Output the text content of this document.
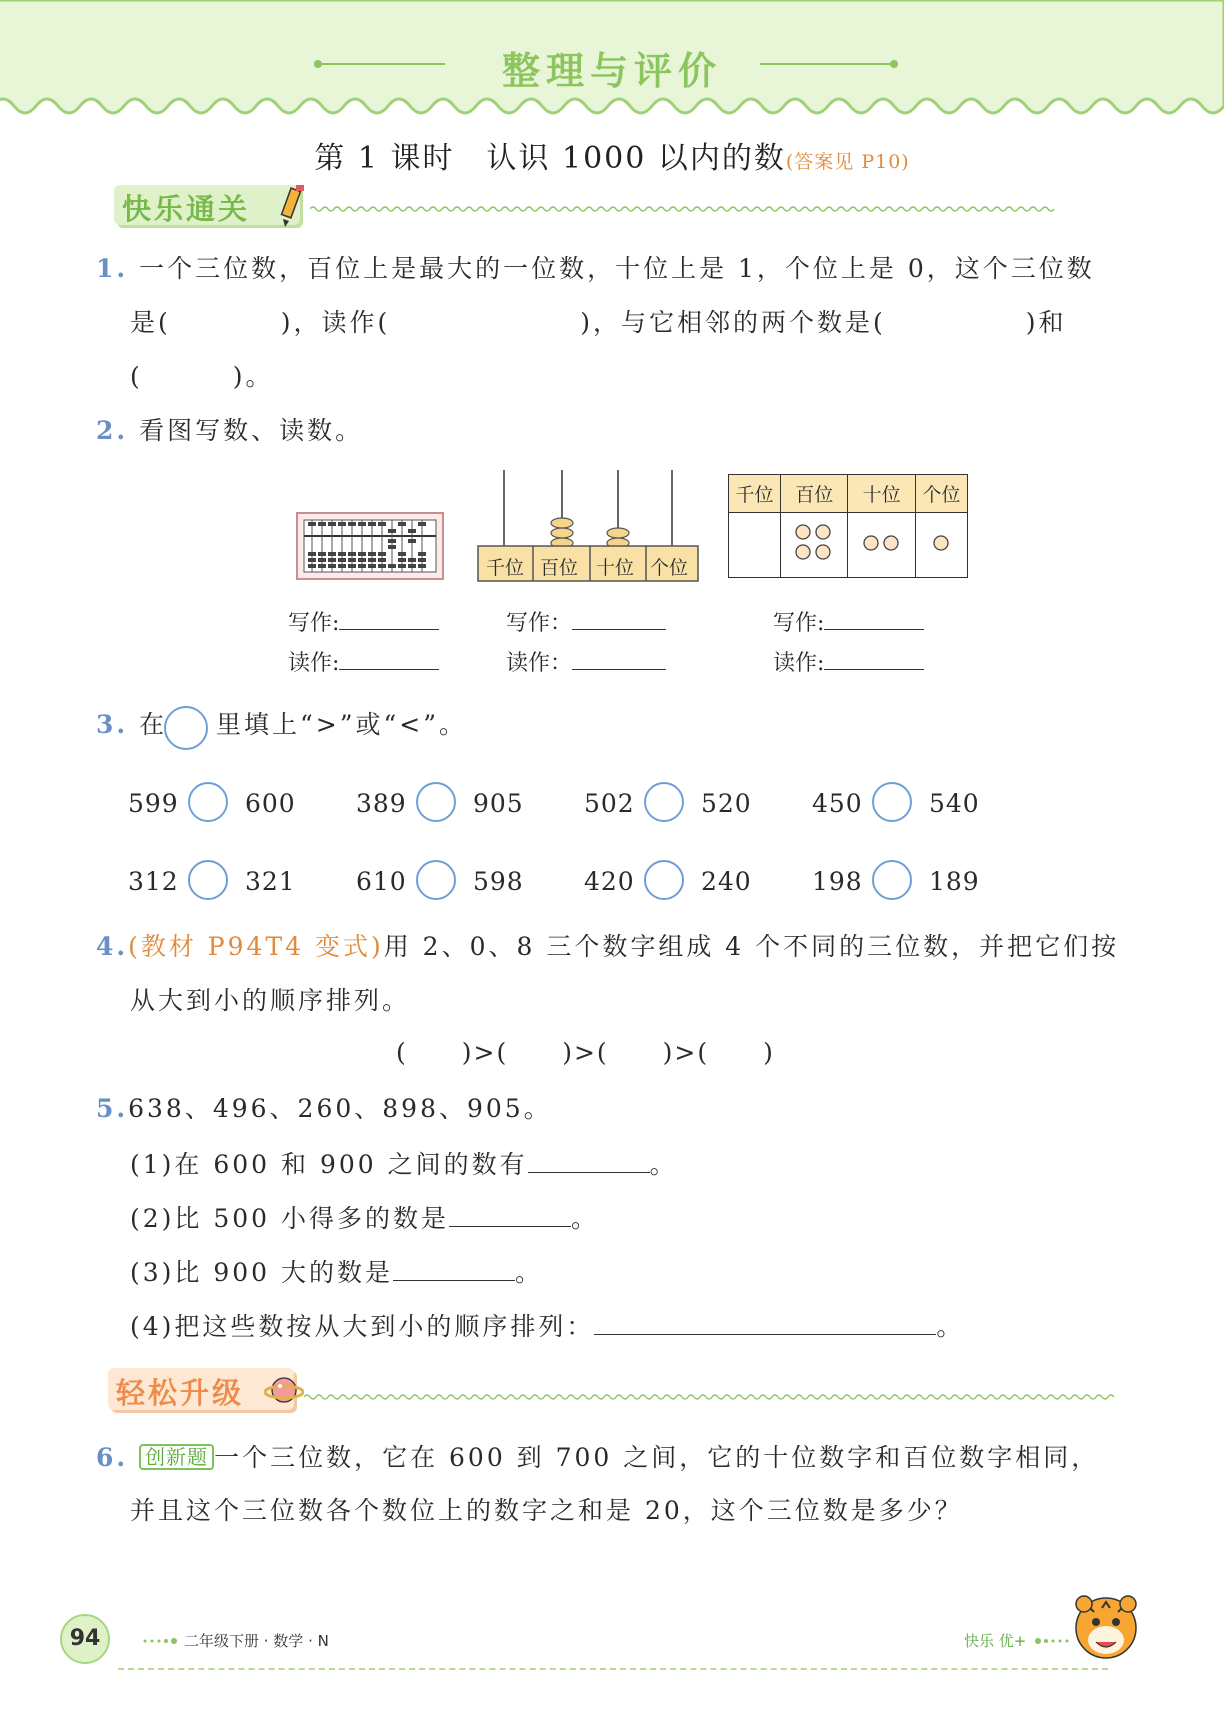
整理与评价
第 1 课时　认识 1000 以内的数(答案见 P10)
快乐通关
1. 一个三位数，百位上是最大的一位数，十位上是 1，个位上是 0，这个三位数
是(	)，读作(	)，与它相邻的两个数是(	)和
(	)。
2. 看图写数、读数。
千位 百位 十位 个位
千位	百位	十位	个位

写作:
读作:
写作：
读作：
写作:
读作:
3. 在 里填上“>”或“<”。
599	600 389	905 502	520 450	540
312	321 610	598 420	240 198	189
4.(教材 P94T4 变式)用 2、0、8 三个数字组成 4 个不同的三位数，并把它们按
从大到小的顺序排列。
(　　)>(　　)>(　　)>(　　)
5.638、496、260、898、905。
(1)在 600 和 900 之间的数有	。
(2)比 500 小得多的数是	。
(3)比 900 大的数是	。
(4)把这些数按从大到小的顺序排列：	。
轻松升级
6. 创新题 一个三位数，它在 600 到 700 之间，它的十位数字和百位数字相同，
并且这个三位数各个数位上的数字之和是 20，这个三位数是多少？
94	二年级下册 · 数学 · N	快乐 优+
